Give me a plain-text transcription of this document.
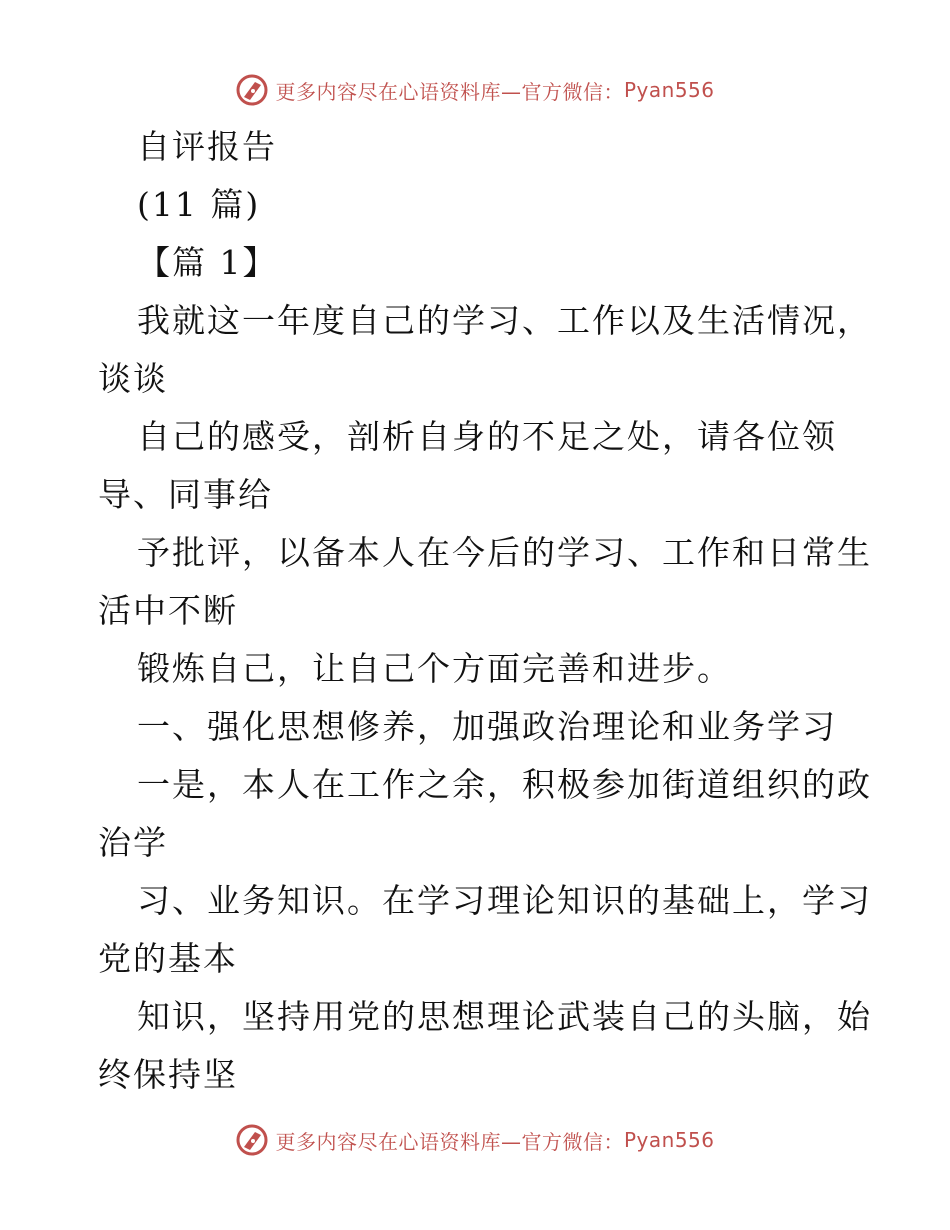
更多内容尽在心语资料库—官方微信： Pyan556
自评报告
(11 篇)
【篇 1】
我就这一年度自己的学习、工作以及生活情况，
谈谈
自己的感受，剖析自身的不足之处，请各位领
导、同事给
予批评，以备本人在今后的学习、工作和日常生
活中不断
锻炼自己，让自己个方面完善和进步。
一、强化思想修养，加强政治理论和业务学习
一是，本人在工作之余，积极参加街道组织的政
治学
习、业务知识。在学习理论知识的基础上，学习
党的基本
知识，坚持用党的思想理论武装自己的头脑，始
终保持坚
更多内容尽在心语资料库—官方微信： Pyan556
